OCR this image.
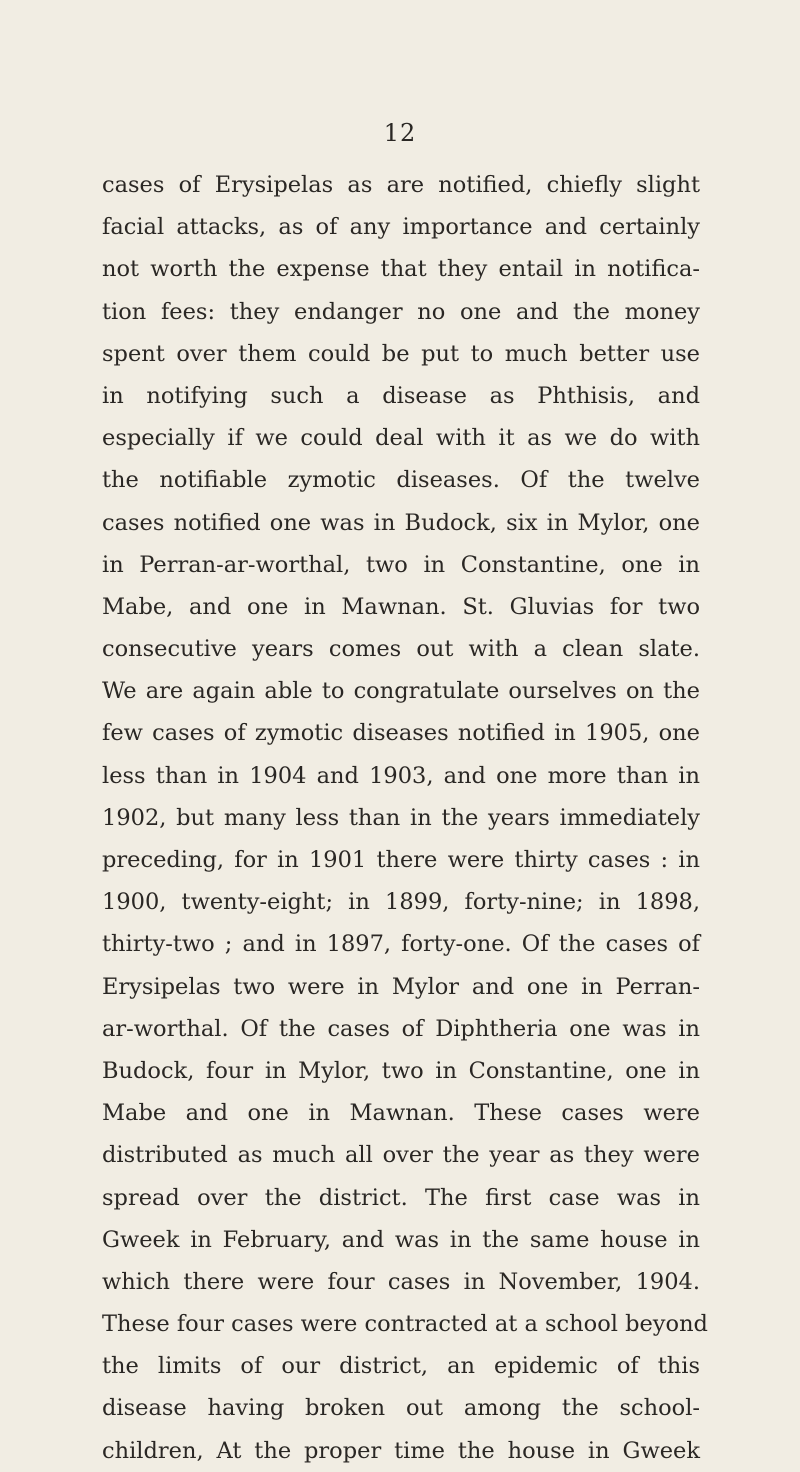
12
cases of Erysipelas as are notified, chiefly slight
facial attacks, as of any importance and certainly
not worth the expense that they entail in notifica-
tion fees: they endanger no one and the money
spent over them could be put to much better use
in notifying such a disease as Phthisis, and
especially if we could deal with it as we do with
the notifiable zymotic diseases. Of the twelve
cases notified one was in Budock, six in Mylor, one
in Perran-ar-worthal, two in Constantine, one in
Mabe, and one in Mawnan. St. Gluvias for two
consecutive years comes out with a clean slate.
We are again able to congratulate ourselves on the
few cases of zymotic diseases notified in 1905, one
less than in 1904 and 1903, and one more than in
1902, but many less than in the years immediately
preceding, for in 1901 there were thirty cases : in
1900, twenty-eight; in 1899, forty-nine; in 1898,
thirty-two ; and in 1897, forty-one. Of the cases of
Erysipelas two were in Mylor and one in Perran-
ar-worthal. Of the cases of Diphtheria one was in
Budock, four in Mylor, two in Constantine, one in
Mabe and one in Mawnan. These cases were
distributed as much all over the year as they were
spread over the district. The first case was in
Gweek in February, and was in the same house in
which there were four cases in November, 1904.
These four cases were contracted at a school beyond
the limits of our district, an epidemic of this
disease having broken out among the school-
children, At the proper time the house in Gweek
